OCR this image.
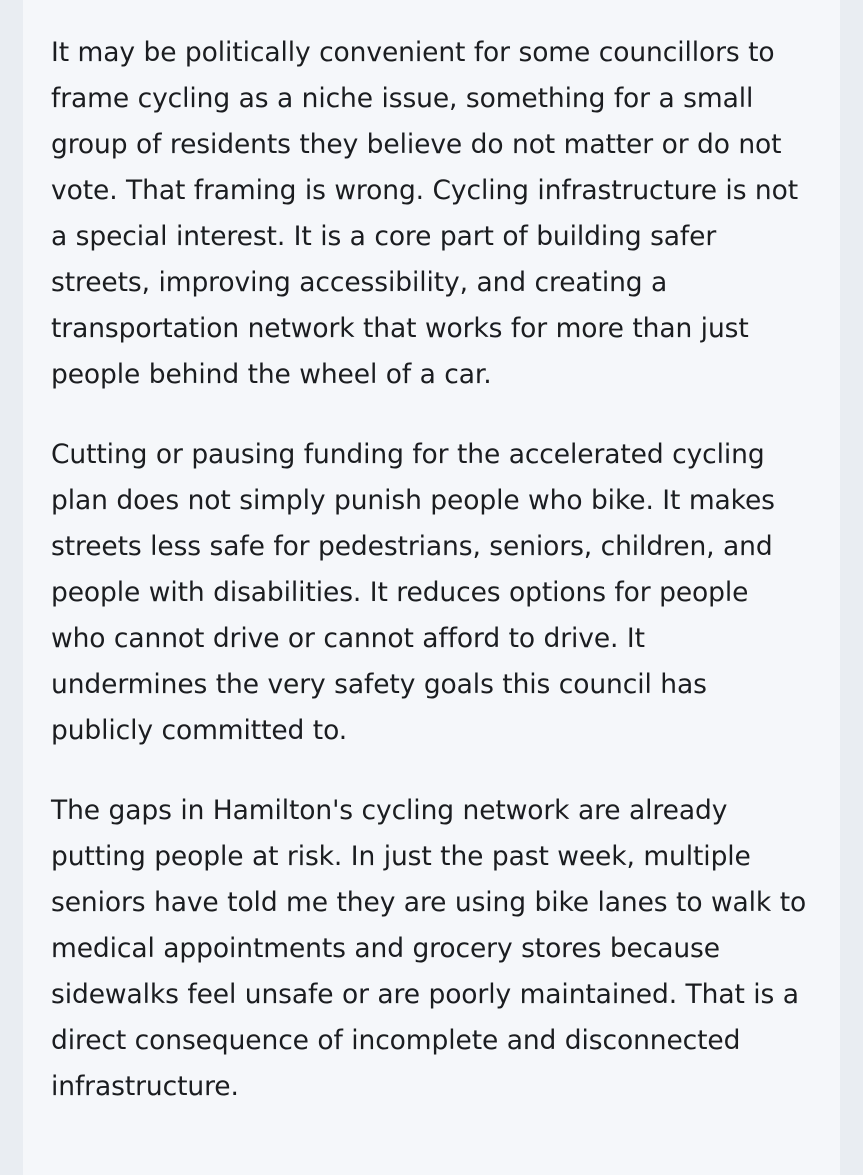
It may be politically convenient for some councillors to frame cycling as a niche issue, something for a small group of residents they believe do not matter or do not vote. That framing is wrong. Cycling infrastructure is not a special interest. It is a core part of building safer streets, improving accessibility, and creating a transportation network that works for more than just people behind the wheel of a car.

Cutting or pausing funding for the accelerated cycling plan does not simply punish people who bike. It makes streets less safe for pedestrians, seniors, children, and people with disabilities. It reduces options for people who cannot drive or cannot afford to drive. It undermines the very safety goals this council has publicly committed to.

The gaps in Hamilton's cycling network are already putting people at risk. In just the past week, multiple seniors have told me they are using bike lanes to walk to medical appointments and grocery stores because sidewalks feel unsafe or are poorly maintained. That is a direct consequence of incomplete and disconnected infrastructure.
